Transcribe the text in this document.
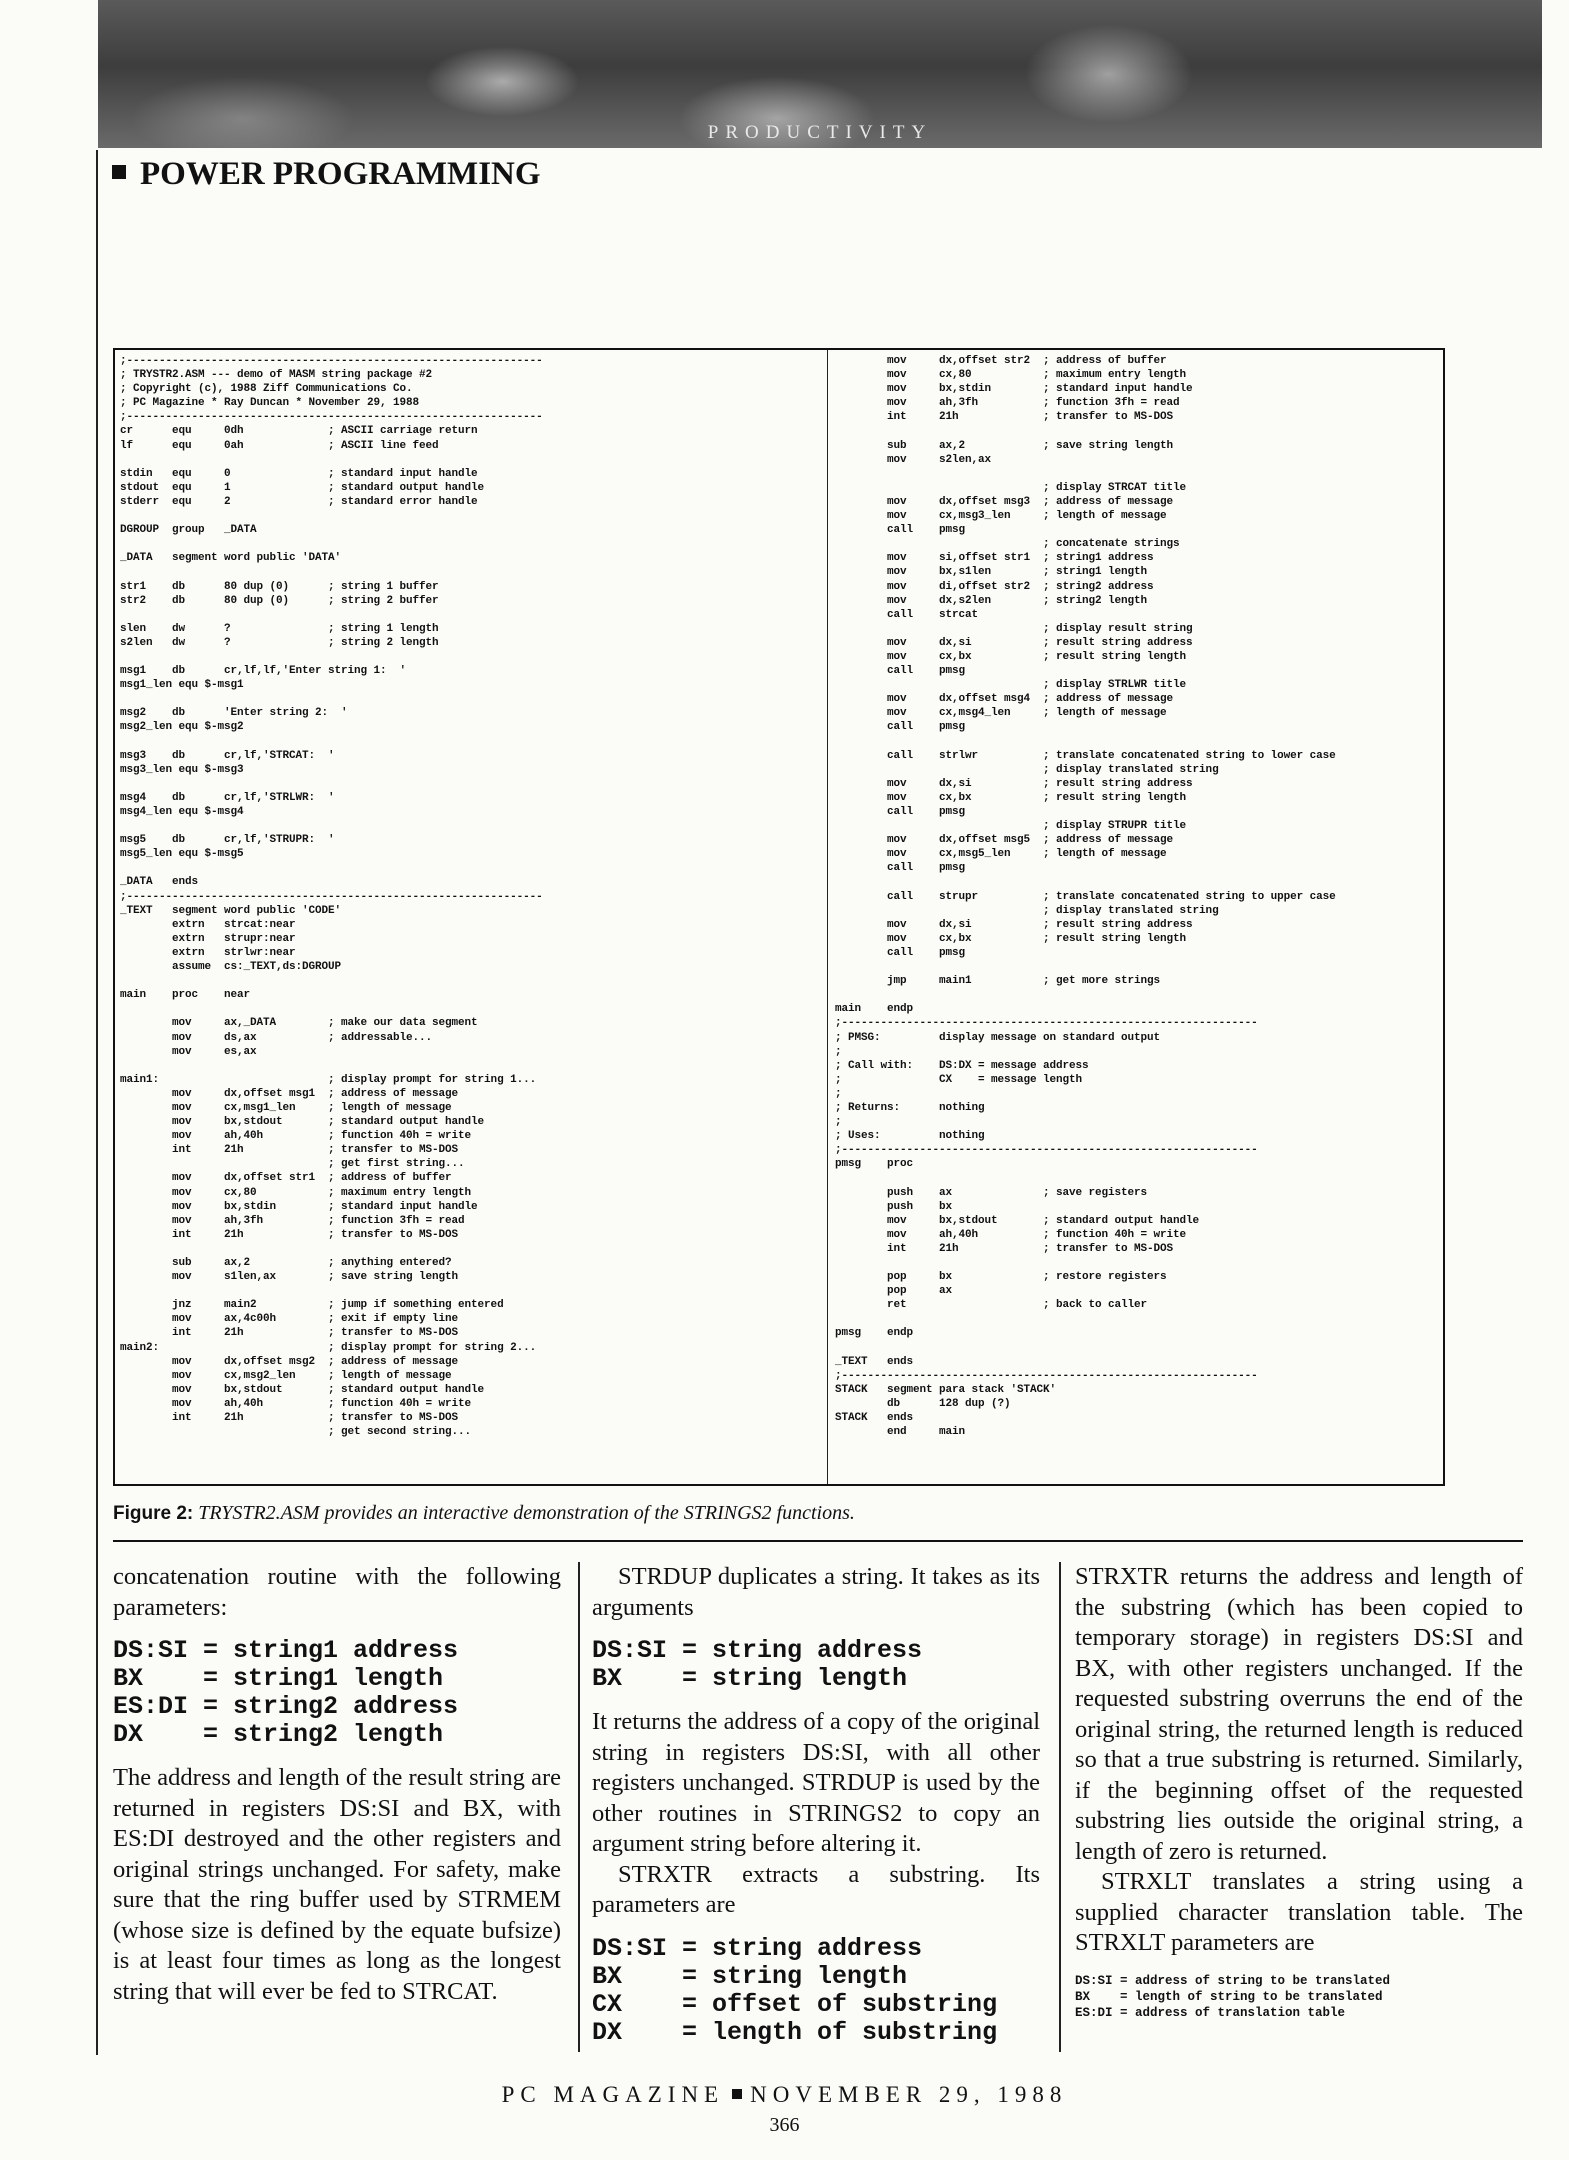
PRODUCTIVITY
POWER PROGRAMMING
;----------------------------------------------------------------
; TRYSTR2.ASM --- demo of MASM string package #2
; Copyright (c), 1988 Ziff Communications Co.
; PC Magazine * Ray Duncan * November 29, 1988
;----------------------------------------------------------------
cr      equ     0dh             ; ASCII carriage return
lf      equ     0ah             ; ASCII line feed

stdin   equ     0               ; standard input handle
stdout  equ     1               ; standard output handle
stderr  equ     2               ; standard error handle

DGROUP  group   _DATA

_DATA   segment word public 'DATA'

str1    db      80 dup (0)      ; string 1 buffer
str2    db      80 dup (0)      ; string 2 buffer

slen    dw      ?               ; string 1 length
s2len   dw      ?               ; string 2 length

msg1    db      cr,lf,lf,'Enter string 1:  '
msg1_len equ $-msg1

msg2    db      'Enter string 2:  '
msg2_len equ $-msg2

msg3    db      cr,lf,'STRCAT:  '
msg3_len equ $-msg3

msg4    db      cr,lf,'STRLWR:  '
msg4_len equ $-msg4

msg5    db      cr,lf,'STRUPR:  '
msg5_len equ $-msg5

_DATA   ends
;----------------------------------------------------------------
_TEXT   segment word public 'CODE'
extrn   strcat:near
extrn   strupr:near
extrn   strlwr:near
assume  cs:_TEXT,ds:DGROUP

main    proc    near

mov     ax,_DATA        ; make our data segment
mov     ds,ax           ; addressable...
mov     es,ax

main1:                          ; display prompt for string 1...
mov     dx,offset msg1  ; address of message
mov     cx,msg1_len     ; length of message
mov     bx,stdout       ; standard output handle
mov     ah,40h          ; function 40h = write
int     21h             ; transfer to MS-DOS
; get first string...
mov     dx,offset str1  ; address of buffer
mov     cx,80           ; maximum entry length
mov     bx,stdin        ; standard input handle
mov     ah,3fh          ; function 3fh = read
int     21h             ; transfer to MS-DOS

sub     ax,2            ; anything entered?
mov     s1len,ax        ; save string length

jnz     main2           ; jump if something entered
mov     ax,4c00h        ; exit if empty line
int     21h             ; transfer to MS-DOS
main2:                          ; display prompt for string 2...
mov     dx,offset msg2  ; address of message
mov     cx,msg2_len     ; length of message
mov     bx,stdout       ; standard output handle
mov     ah,40h          ; function 40h = write
int     21h             ; transfer to MS-DOS
; get second string...
mov     dx,offset str2  ; address of buffer
mov     cx,80           ; maximum entry length
mov     bx,stdin        ; standard input handle
mov     ah,3fh          ; function 3fh = read
int     21h             ; transfer to MS-DOS

sub     ax,2            ; save string length
mov     s2len,ax

; display STRCAT title
mov     dx,offset msg3  ; address of message
mov     cx,msg3_len     ; length of message
call    pmsg
; concatenate strings
mov     si,offset str1  ; string1 address
mov     bx,s1len        ; string1 length
mov     di,offset str2  ; string2 address
mov     dx,s2len        ; string2 length
call    strcat
; display result string
mov     dx,si           ; result string address
mov     cx,bx           ; result string length
call    pmsg
; display STRLWR title
mov     dx,offset msg4  ; address of message
mov     cx,msg4_len     ; length of message
call    pmsg

call    strlwr          ; translate concatenated string to lower case
; display translated string
mov     dx,si           ; result string address
mov     cx,bx           ; result string length
call    pmsg
; display STRUPR title
mov     dx,offset msg5  ; address of message
mov     cx,msg5_len     ; length of message
call    pmsg

call    strupr          ; translate concatenated string to upper case
; display translated string
mov     dx,si           ; result string address
mov     cx,bx           ; result string length
call    pmsg

jmp     main1           ; get more strings

main    endp
;----------------------------------------------------------------
; PMSG:         display message on standard output
;
; Call with:    DS:DX = message address
;               CX    = message length
;
; Returns:      nothing
;
; Uses:         nothing
;----------------------------------------------------------------
pmsg    proc

push    ax              ; save registers
push    bx
mov     bx,stdout       ; standard output handle
mov     ah,40h          ; function 40h = write
int     21h             ; transfer to MS-DOS

pop     bx              ; restore registers
pop     ax
ret                     ; back to caller

pmsg    endp

_TEXT   ends
;----------------------------------------------------------------
STACK   segment para stack 'STACK'
db      128 dup (?)
STACK   ends
end     main
Figure 2: TRYSTR2.ASM provides an interactive demonstration of the STRINGS2 functions.

concatenation routine with the following parameters:

DS:SI = string1 address
BX    = string1 length
ES:DI = string2 address
DX    = string2 length

The address and length of the result string are returned in registers DS:SI and BX, with ES:DI destroyed and the other registers and original strings unchanged. For safety, make sure that the ring buffer used by STRMEM (whose size is defined by the equate bufsize) is at least four times as long as the longest string that will ever be fed to STRCAT.

STRDUP duplicates a string. It takes as its arguments

DS:SI = string address
BX    = string length

It returns the address of a copy of the original string in registers DS:SI, with all other registers unchanged. STRDUP is used by the other routines in STRINGS2 to copy an argument string before altering it.

STRXTR extracts a substring. Its parameters are

DS:SI = string address
BX    = string length
CX    = offset of substring
DX    = length of substring

STRXTR returns the address and length of the substring (which has been copied to temporary storage) in registers DS:SI and BX, with other registers unchanged. If the requested substring overruns the end of the original string, the returned length is reduced so that a true substring is returned. Similarly, if the beginning offset of the requested substring lies outside the original string, a length of zero is returned.

STRXLT translates a string using a supplied character translation table. The STRXLT parameters are

DS:SI = address of string to be translated
BX    = length of string to be translated
ES:DI = address of translation table
PC MAGAZINE NOVEMBER 29, 1988
366
